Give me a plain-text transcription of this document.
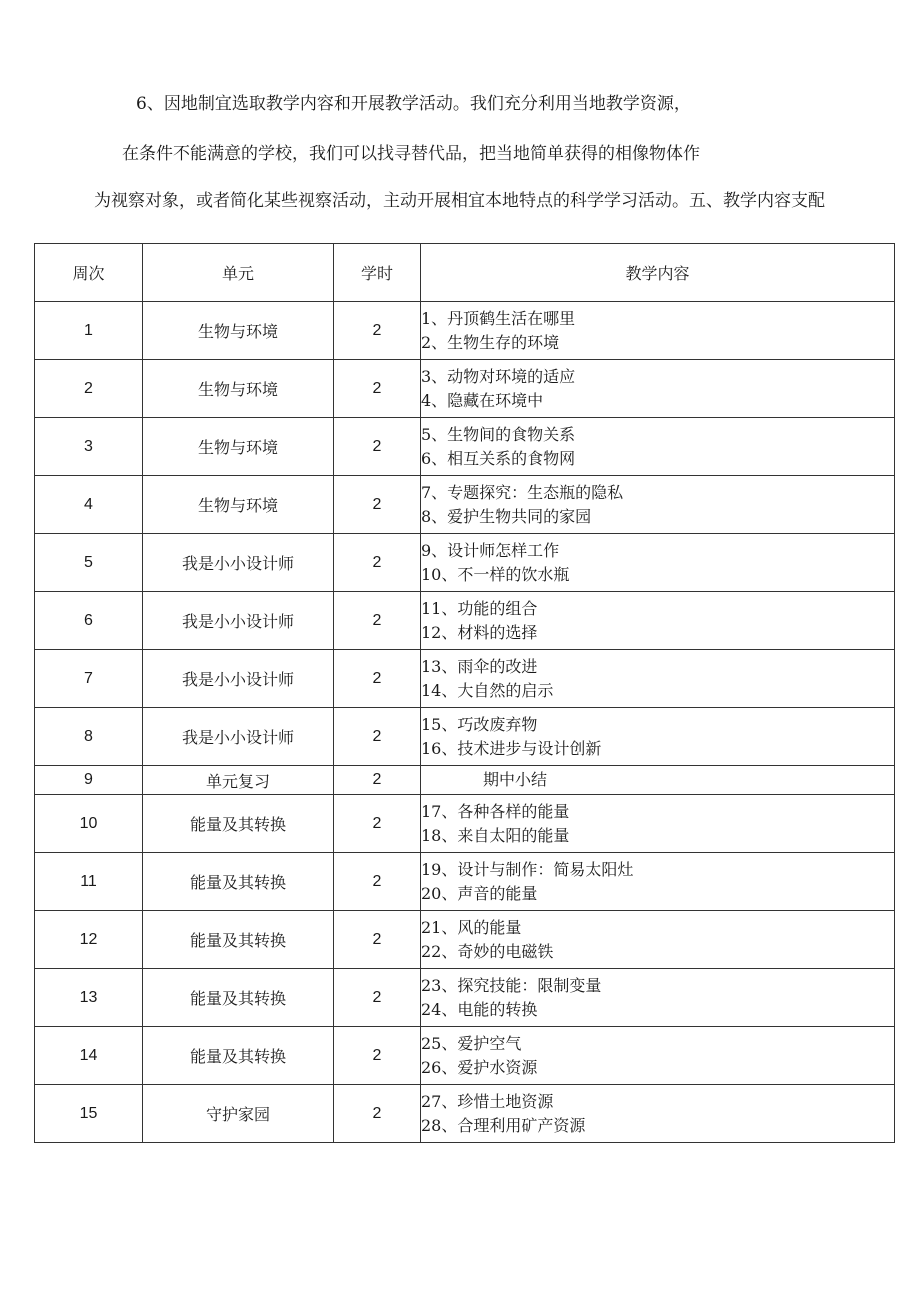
6、因地制宜选取教学内容和开展教学活动。我们充分利用当地教学资源，
在条件不能满意的学校，我们可以找寻替代品，把当地简单获得的相像物体作
为视察对象，或者简化某些视察活动，主动开展相宜本地特点的科学学习活动。五、教学内容支配
周次	单元	学时	教学内容
1	生物与环境	2	1、丹顶鹤生活在哪里
2、生物生存的环境

2	生物与环境	2	3、动物对环境的适应
4、隐藏在环境中

3	生物与环境	2	5、生物间的食物关系
6、相互关系的食物网

4	生物与环境	2	7、专题探究：生态瓶的隐私
8、爱护生物共同的家园

5	我是小小设计师	2	9、设计师怎样工作
10、不一样的饮水瓶

6	我是小小设计师	2	11、功能的组合
12、材料的选择

7	我是小小设计师	2	13、雨伞的改进
14、大自然的启示

8	我是小小设计师	2	15、巧改废弃物
16、技术进步与设计创新

9	单元复习	2	期中小结

10	能量及其转换	2	17、各种各样的能量
18、来自太阳的能量

11	能量及其转换	2	19、设计与制作：简易太阳灶
20、声音的能量

12	能量及其转换	2	21、风的能量
22、奇妙的电磁铁

13	能量及其转换	2	23、探究技能：限制变量
24、电能的转换

14	能量及其转换	2	25、爱护空气
26、爱护水资源

15	守护家园	2	27、珍惜土地资源
28、合理利用矿产资源
